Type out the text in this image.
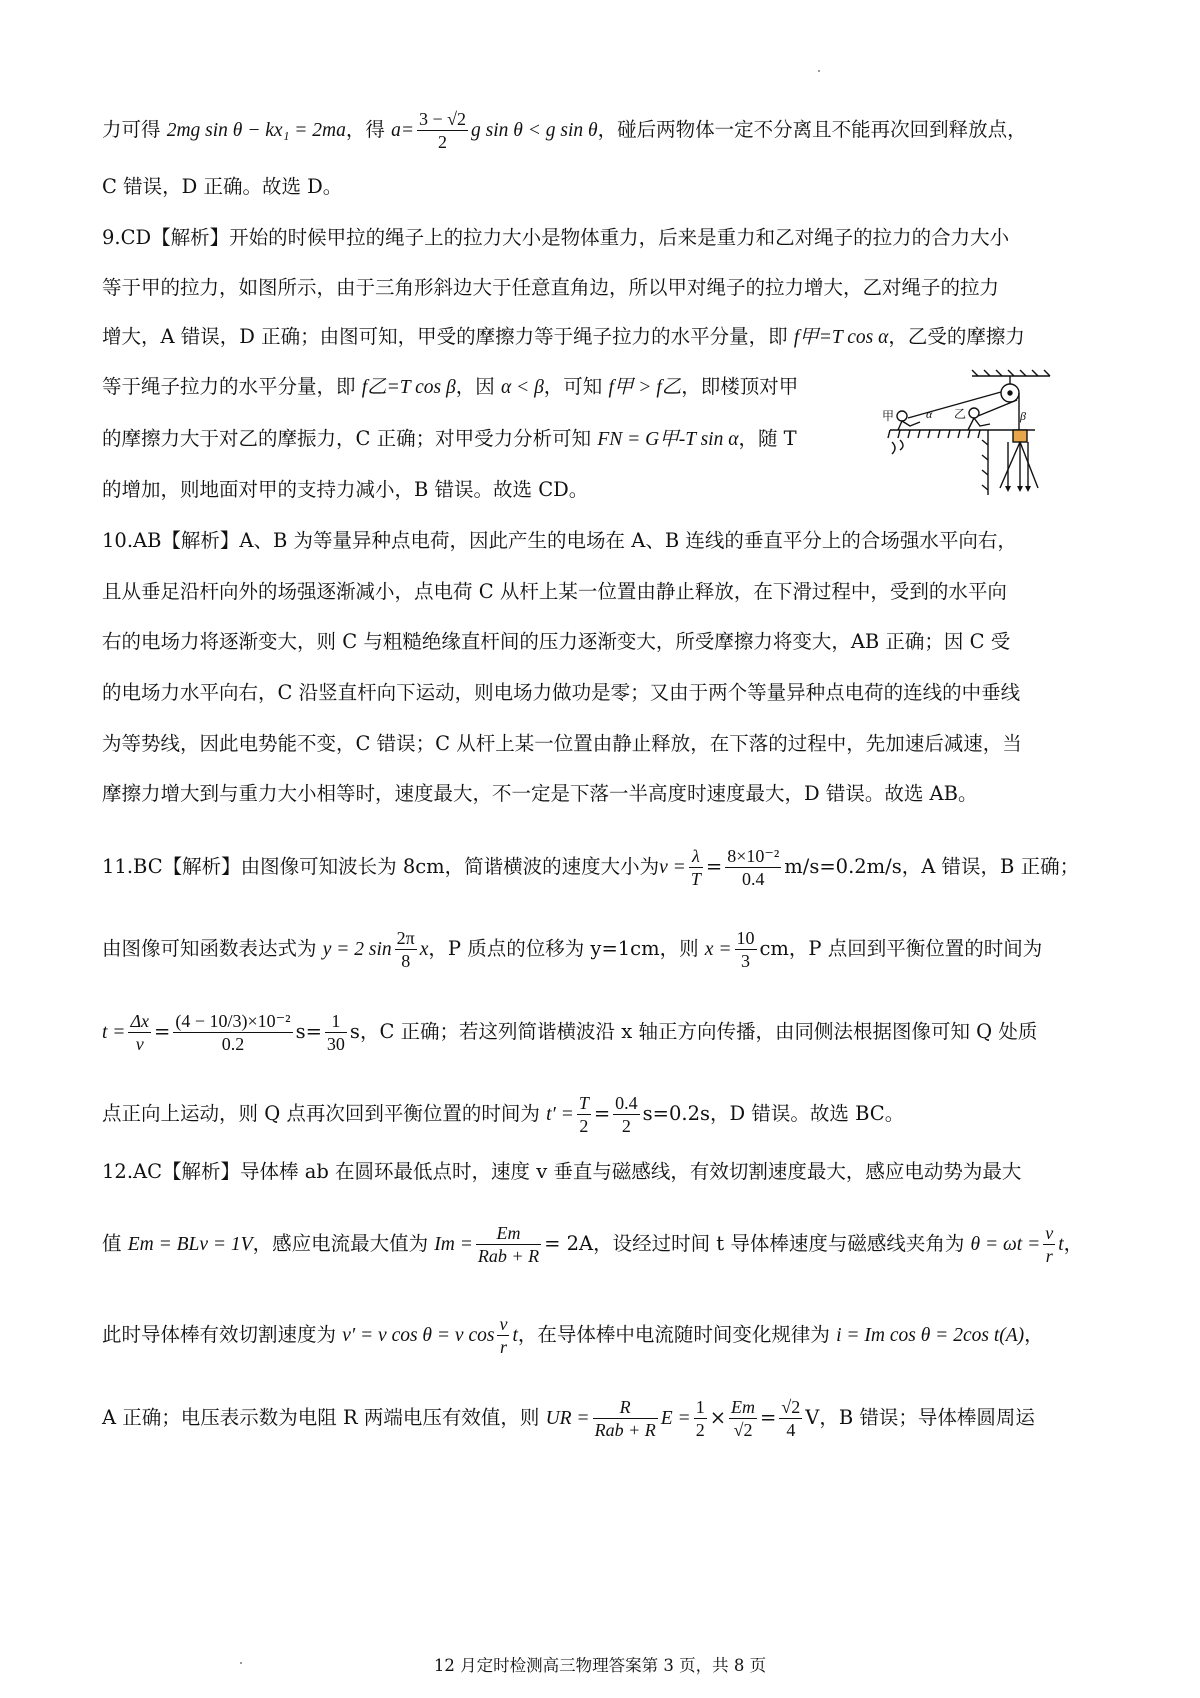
力可得 2mg sin θ − kx₁ = 2ma，得 $a= \frac{3 - √2}{2}$ g sin θ < g sin θ，碰后两物体一定不分离且不能再次回到释放点，
C 错误，D 正确。故选 D。
9.CD【解析】开始的时候甲拉的绳子上的拉力大小是物体重力，后来是重力和乙对绳子的拉力的合力大小
等于甲的拉力，如图所示，由于三角形斜边大于任意直角边，所以甲对绳子的拉力增大，乙对绳子的拉力
增大，A 错误，D 正确；由图可知，甲受的摩擦力等于绳子拉力的水平分量，即 f甲=T cos α，乙受的摩擦力
等于绳子拉力的水平分量，即 f乙=T cos β，因 α < β，可知 f甲 > f乙，即楼顶对甲
的摩擦力大于对乙的摩振力，C 正确；对甲受力分析可知 FN = G甲-T sin α，随 T
的增加，则地面对甲的支持力减小，B 错误。故选 CD。
甲	乙
α	β
10.AB【解析】A、B 为等量异种点电荷，因此产生的电场在 A、B 连线的垂直平分上的合场强水平向右，
且从垂足沿杆向外的场强逐渐减小，点电荷 C 从杆上某一位置由静止释放，在下滑过程中，受到的水平向
右的电场力将逐渐变大，则 C 与粗糙绝缘直杆间的压力逐渐变大，所受摩擦力将变大，AB 正确；因 C 受
的电场力水平向右，C 沿竖直杆向下运动，则电场力做功是零；又由于两个等量异种点电荷的连线的中垂线
为等势线，因此电势能不变，C 错误；C 从杆上某一位置由静止释放，在下落的过程中，先加速后减速，当
摩擦力增大到与重力大小相等时，速度最大，不一定是下落一半高度时速度最大，D 错误。故选 AB。
11.BC【解析】由图像可知波长为 8cm，简谐横波的速度大小为$v = \frac{\lambda}{T} = \frac{\text{8×10⁻²}}{0.4} m/s=0.2m/s$，A 错误，B 正确；
由图像可知函数表达式为 y = 2 $\sin \frac{2\pi}{8}$ x，P 质点的位移为 y=1cm，则 $x = \frac{10}{3}$ cm，P 点回到平衡位置的时间为
$t = \frac{\Delta x}{v} = \frac{\text{(4 − 10/3)×10⁻²}}{0.2} s= \frac{1}{30}$ s，C 正确；若这列简谐横波沿 x 轴正方向传播，由同侧法根据图像可知 Q 处质
点正向上运动，则 Q 点再次回到平衡位置的时间为 $t' = \frac{T}{2} = \frac{0.4}{2} s=0.2s$，D 错误。故选 BC。
12.AC【解析】导体棒 ab 在圆环最低点时，速度 v 垂直与磁感线，有效切割速度最大，感应电动势为最大
值 Em = BLv = 1V，感应电流最大值为 $Im = \frac{Em}{\text{Rab + R}} = 2A$，设经过时间 t 导体棒速度与磁感线夹角为 $\theta = \omega t = \frac{v}{r}$ t，
此时导体棒有效切割速度为 v′ = v cos θ = v $\cos \frac{v}{r}$ t，在导体棒中电流随时间变化规律为 i = Im cos θ = 2cos t(A)，
A 正确；电压表示数为电阻 R 两端电压有效值，则 UR = $\frac{R}{\text{Rab + R}}$ $E = \frac{1}{2} \times \frac{Em}{√2} = \frac{√2}{4}$ V，B 错误；导体棒圆周运
12 月定时检测高三物理答案第 3 页，共 8 页
